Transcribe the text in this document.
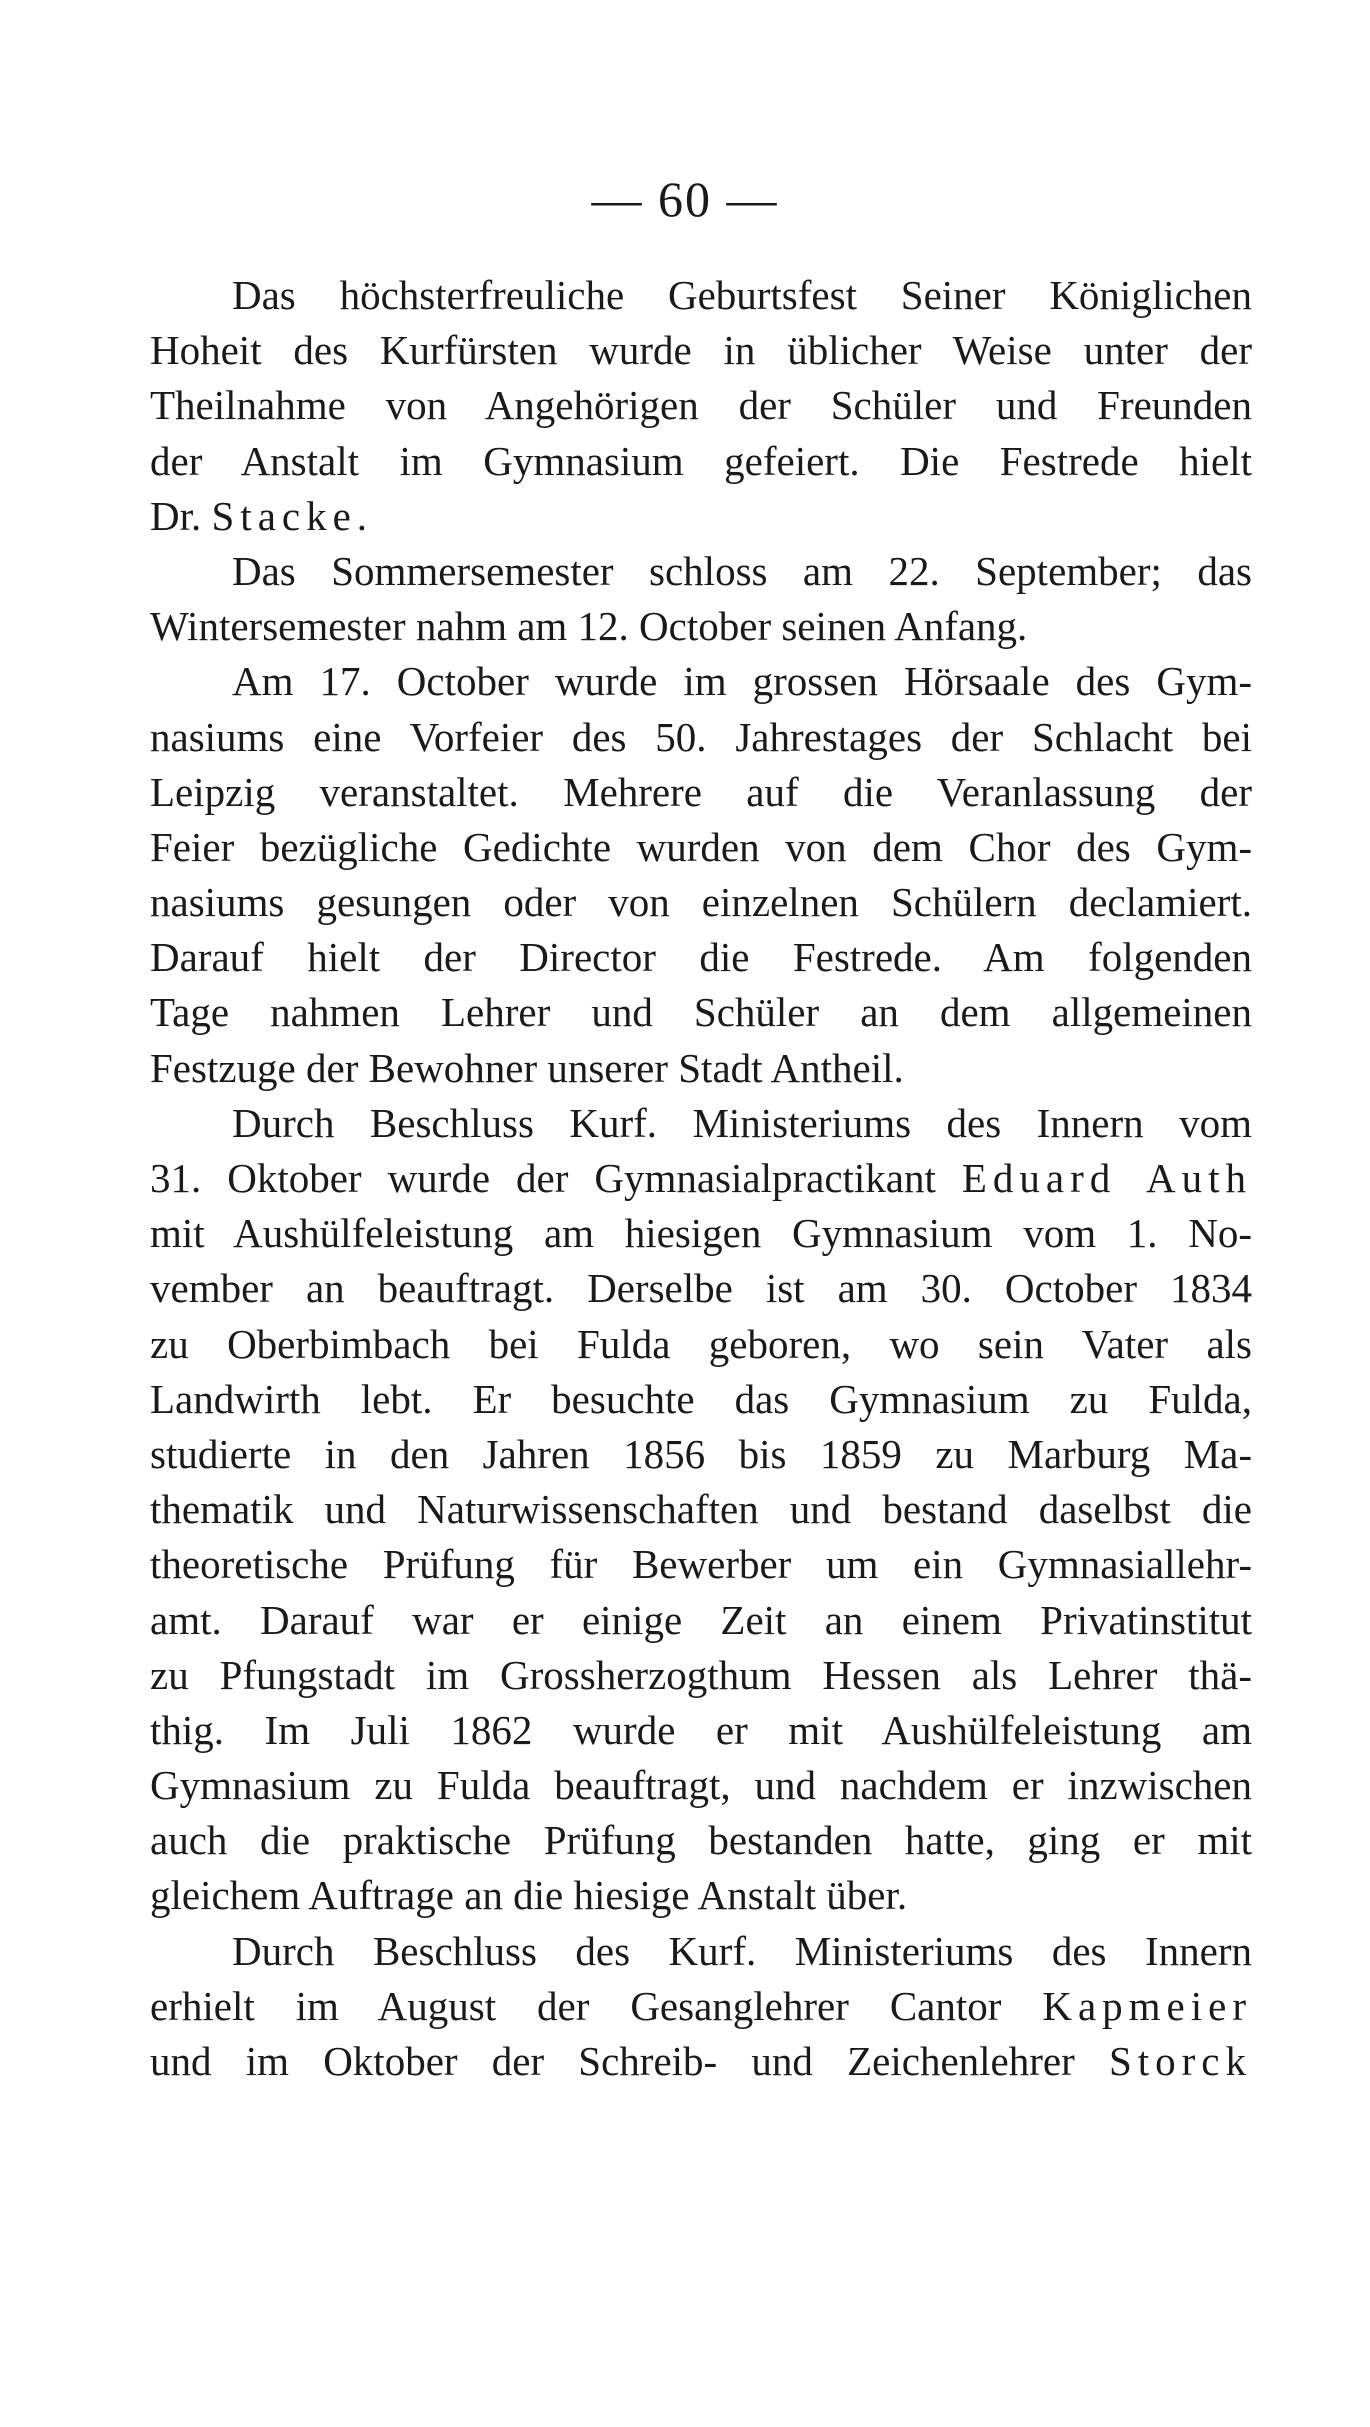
— 60 —
Das höchsterfreuliche Geburtsfest Seiner Königlichen
Hoheit des Kurfürsten wurde in üblicher Weise unter der
Theilnahme von Angehörigen der Schüler und Freunden
der Anstalt im Gymnasium gefeiert. Die Festrede hielt
Dr. Stacke.
Das Sommersemester schloss am 22. September; das
Wintersemester nahm am 12. October seinen Anfang.
Am 17. October wurde im grossen Hörsaale des Gym-
nasiums eine Vorfeier des 50. Jahrestages der Schlacht bei
Leipzig veranstaltet. Mehrere auf die Veranlassung der
Feier bezügliche Gedichte wurden von dem Chor des Gym-
nasiums gesungen oder von einzelnen Schülern declamiert.
Darauf hielt der Director die Festrede. Am folgenden
Tage nahmen Lehrer und Schüler an dem allgemeinen
Festzuge der Bewohner unserer Stadt Antheil.
Durch Beschluss Kurf. Ministeriums des Innern vom
31. Oktober wurde der Gymnasialpractikant Eduard Auth
mit Aushülfeleistung am hiesigen Gymnasium vom 1. No-
vember an beauftragt. Derselbe ist am 30. October 1834
zu Oberbimbach bei Fulda geboren, wo sein Vater als
Landwirth lebt. Er besuchte das Gymnasium zu Fulda,
studierte in den Jahren 1856 bis 1859 zu Marburg Ma-
thematik und Naturwissenschaften und bestand daselbst die
theoretische Prüfung für Bewerber um ein Gymnasiallehr-
amt. Darauf war er einige Zeit an einem Privatinstitut
zu Pfungstadt im Grossherzogthum Hessen als Lehrer thä-
thig. Im Juli 1862 wurde er mit Aushülfeleistung am
Gymnasium zu Fulda beauftragt, und nachdem er inzwischen
auch die praktische Prüfung bestanden hatte, ging er mit
gleichem Auftrage an die hiesige Anstalt über.
Durch Beschluss des Kurf. Ministeriums des Innern
erhielt im August der Gesanglehrer Cantor Kapmeier
und im Oktober der Schreib- und Zeichenlehrer Storck
